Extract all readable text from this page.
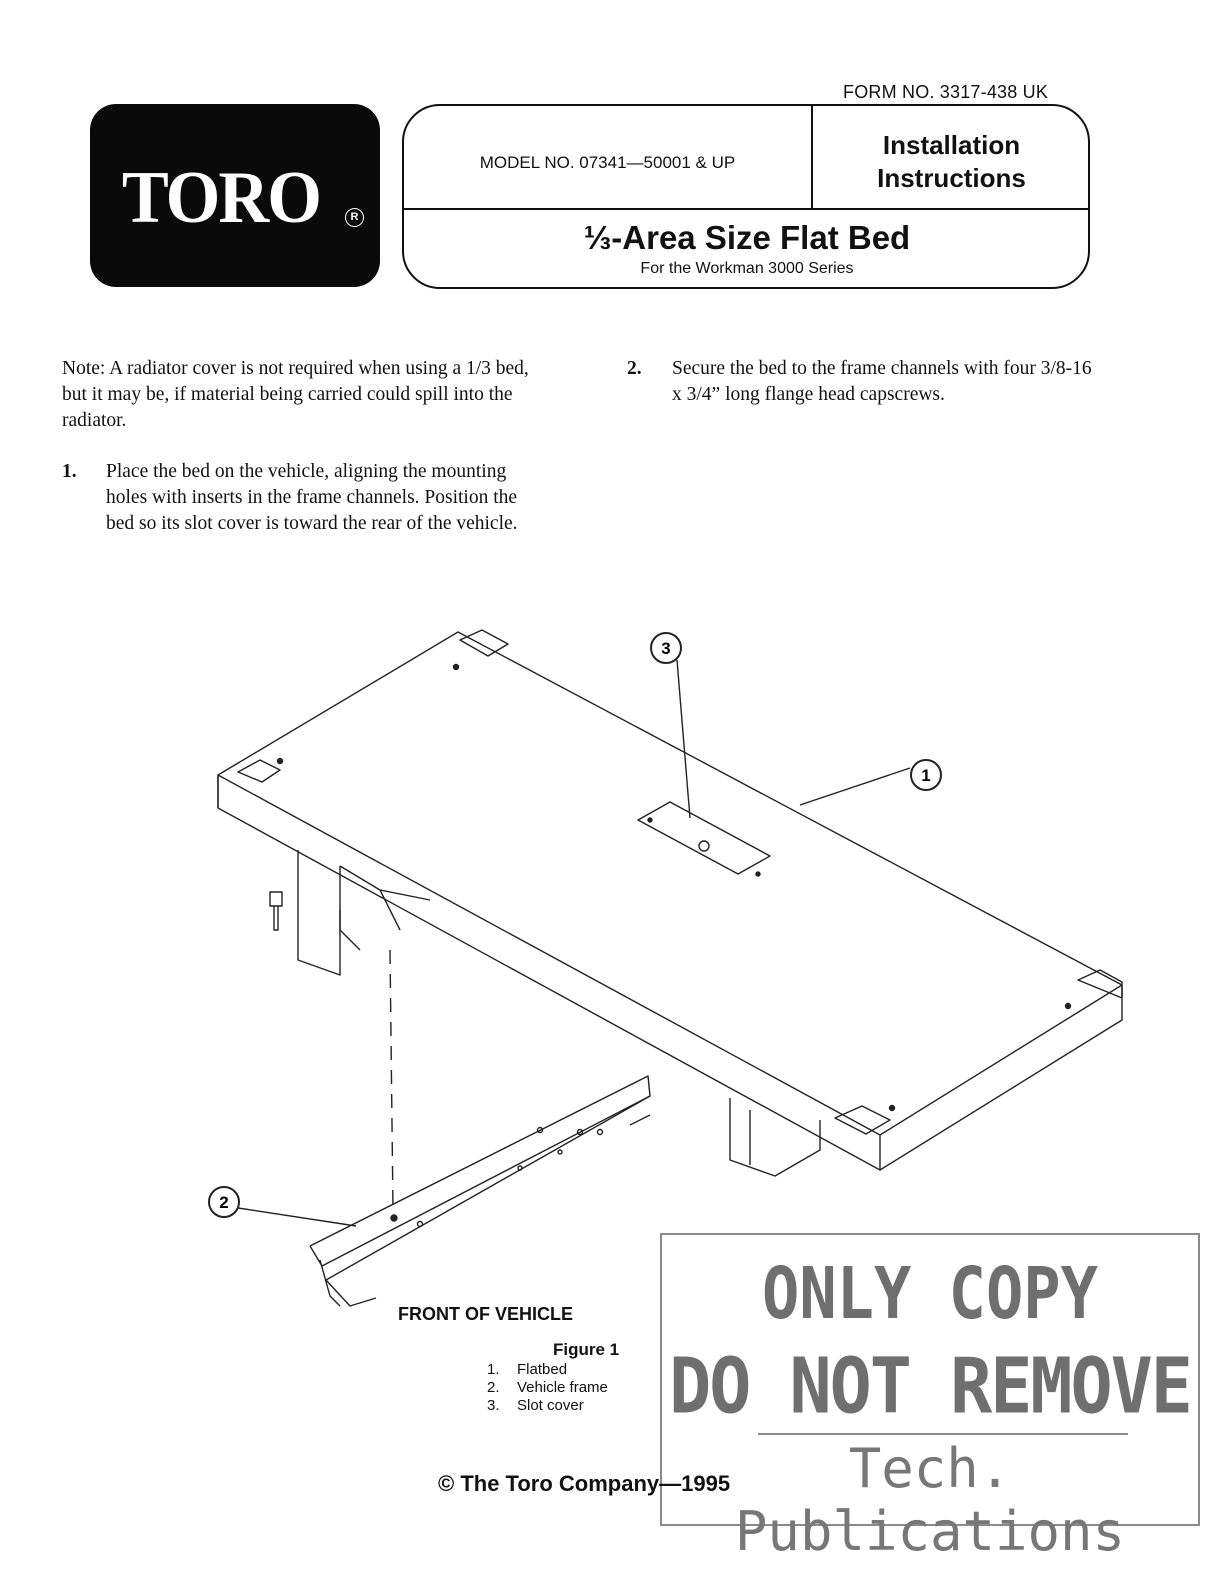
FORM NO. 3317-438 UK
TORO	R
MODEL NO. 07341—50001 & UP
Installation Instructions
⅓-Area Size Flat Bed
For the Workman 3000 Series
Note: A radiator cover is not required when using a 1/3 bed, but it may be, if material being carried could spill into the radiator.
1. Place the bed on the vehicle, aligning the mounting holes with inserts in the frame channels. Position the bed so its slot cover is toward the rear of the vehicle.
2. Secure the bed to the frame channels with four 3/8-16 x 3/4” long flange head capscrews.
3
1
2
FRONT OF VEHICLE
Figure 1
1.	Flatbed
2.	Vehicle frame
3.	Slot cover
ONLY COPY
DO NOT REMOVE
Tech. Publications
© The Toro Company—1995
